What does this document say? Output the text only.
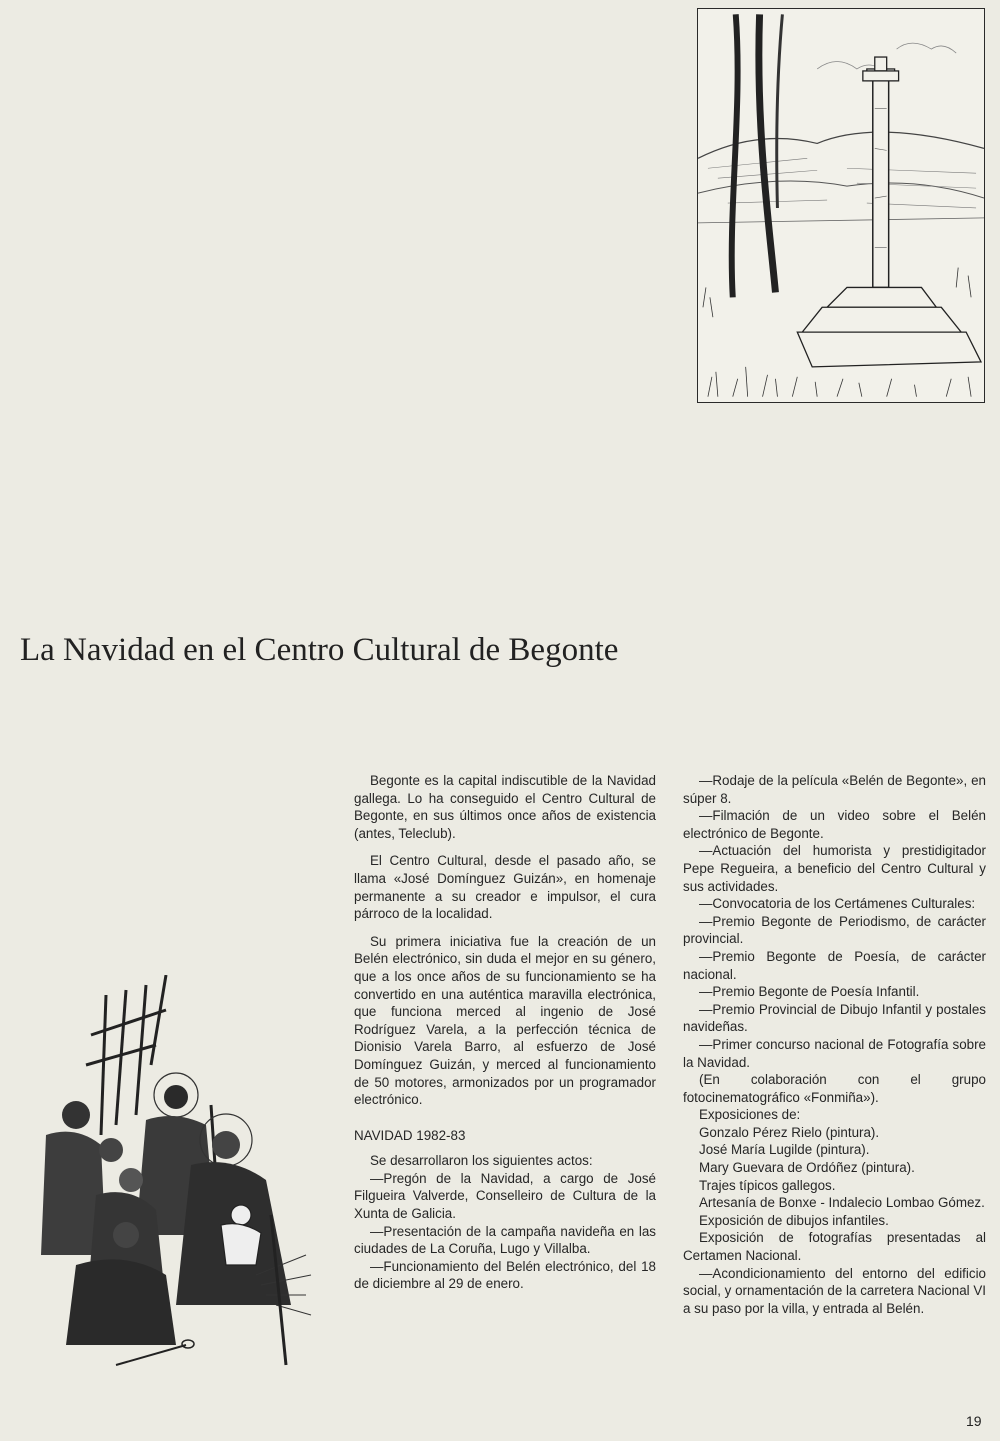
La Navidad en el Centro Cultural de Begonte

Begonte es la capital indiscutible de la Navidad gallega. Lo ha conseguido el Centro Cultural de Begonte, en sus últimos once años de existencia (antes, Teleclub).

El Centro Cultural, desde el pasado año, se llama «José Domínguez Guizán», en homenaje permanente a su creador e impulsor, el cura párroco de la localidad.

Su primera iniciativa fue la creación de un Belén electrónico, sin duda el mejor en su género, que a los once años de su funcionamiento se ha convertido en una auténtica maravilla electrónica, que funciona merced al ingenio de José Rodríguez Varela, a la perfección técnica de Dionisio Varela Barro, al esfuerzo de José Domínguez Guizán, y merced al funcionamiento de 50 motores, armonizados por un programador electrónico.

NAVIDAD 1982-83

Se desarrollaron los siguientes actos:

—Pregón de la Navidad, a cargo de José Filgueira Valverde, Conselleiro de Cultura de la Xunta de Galicia.

—Presentación de la campaña navideña en las ciudades de La Coruña, Lugo y Villalba.

—Funcionamiento del Belén electrónico, del 18 de diciembre al 29 de enero.

—Rodaje de la película «Belén de Begonte», en súper 8.

—Filmación de un video sobre el Belén electrónico de Begonte.

—Actuación del humorista y prestidigitador Pepe Regueira, a beneficio del Centro Cultural y sus actividades.

—Convocatoria de los Certámenes Culturales:

—Premio Begonte de Periodismo, de carácter provincial.

—Premio Begonte de Poesía, de carácter nacional.

—Premio Begonte de Poesía Infantil.

—Premio Provincial de Dibujo Infantil y postales navideñas.

—Primer concurso nacional de Fotografía sobre la Navidad.

(En colaboración con el grupo fotocinematográfico «Fonmiña»).

Exposiciones de:

Gonzalo Pérez Rielo (pintura).

José María Lugilde (pintura).

Mary Guevara de Ordóñez (pintura).

Trajes típicos gallegos.

Artesanía de Bonxe - Indalecio Lombao Gómez.

Exposición de dibujos infantiles.

Exposición de fotografías presentadas al Certamen Nacional.

—Acondicionamiento del entorno del edificio social, y ornamentación de la carretera Nacional VI a su paso por la villa, y entrada al Belén.

19
